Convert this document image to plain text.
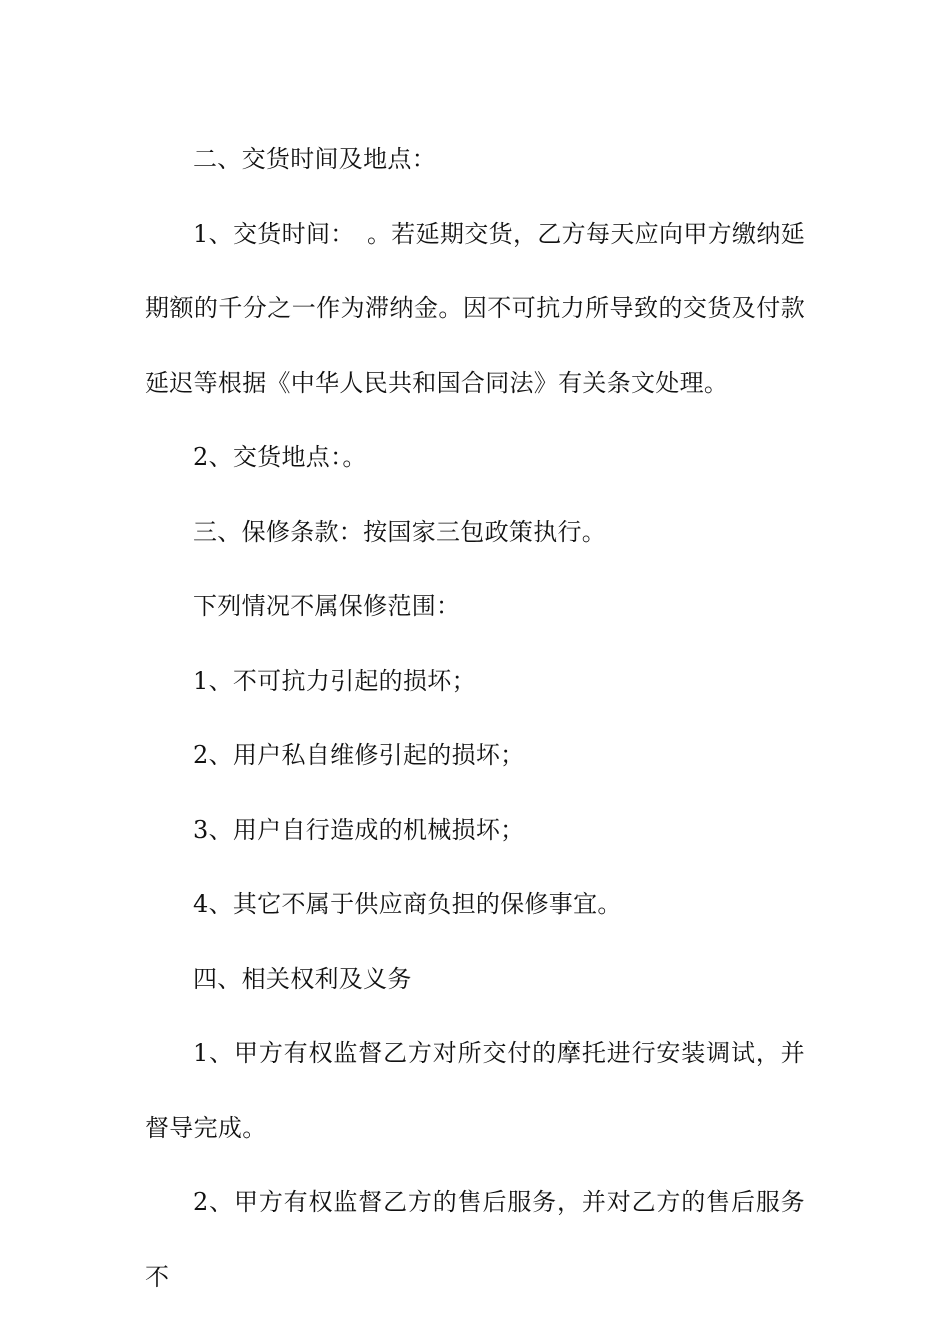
二、交货时间及地点：

1、交货时间：　。若延期交货，乙方每天应向甲方缴纳延期额的千分之一作为滞纳金。因不可抗力所导致的交货及付款延迟等根据《中华人民共和国合同法》有关条文处理。

2、交货地点：。

三、保修条款：按国家三包政策执行。

下列情况不属保修范围：

1、不可抗力引起的损坏；

2、用户私自维修引起的损坏；

3、用户自行造成的机械损坏；

4、其它不属于供应商负担的保修事宜。

四、相关权利及义务

1、甲方有权监督乙方对所交付的摩托进行安装调试，并督导完成。

2、甲方有权监督乙方的售后服务，并对乙方的售后服务不
